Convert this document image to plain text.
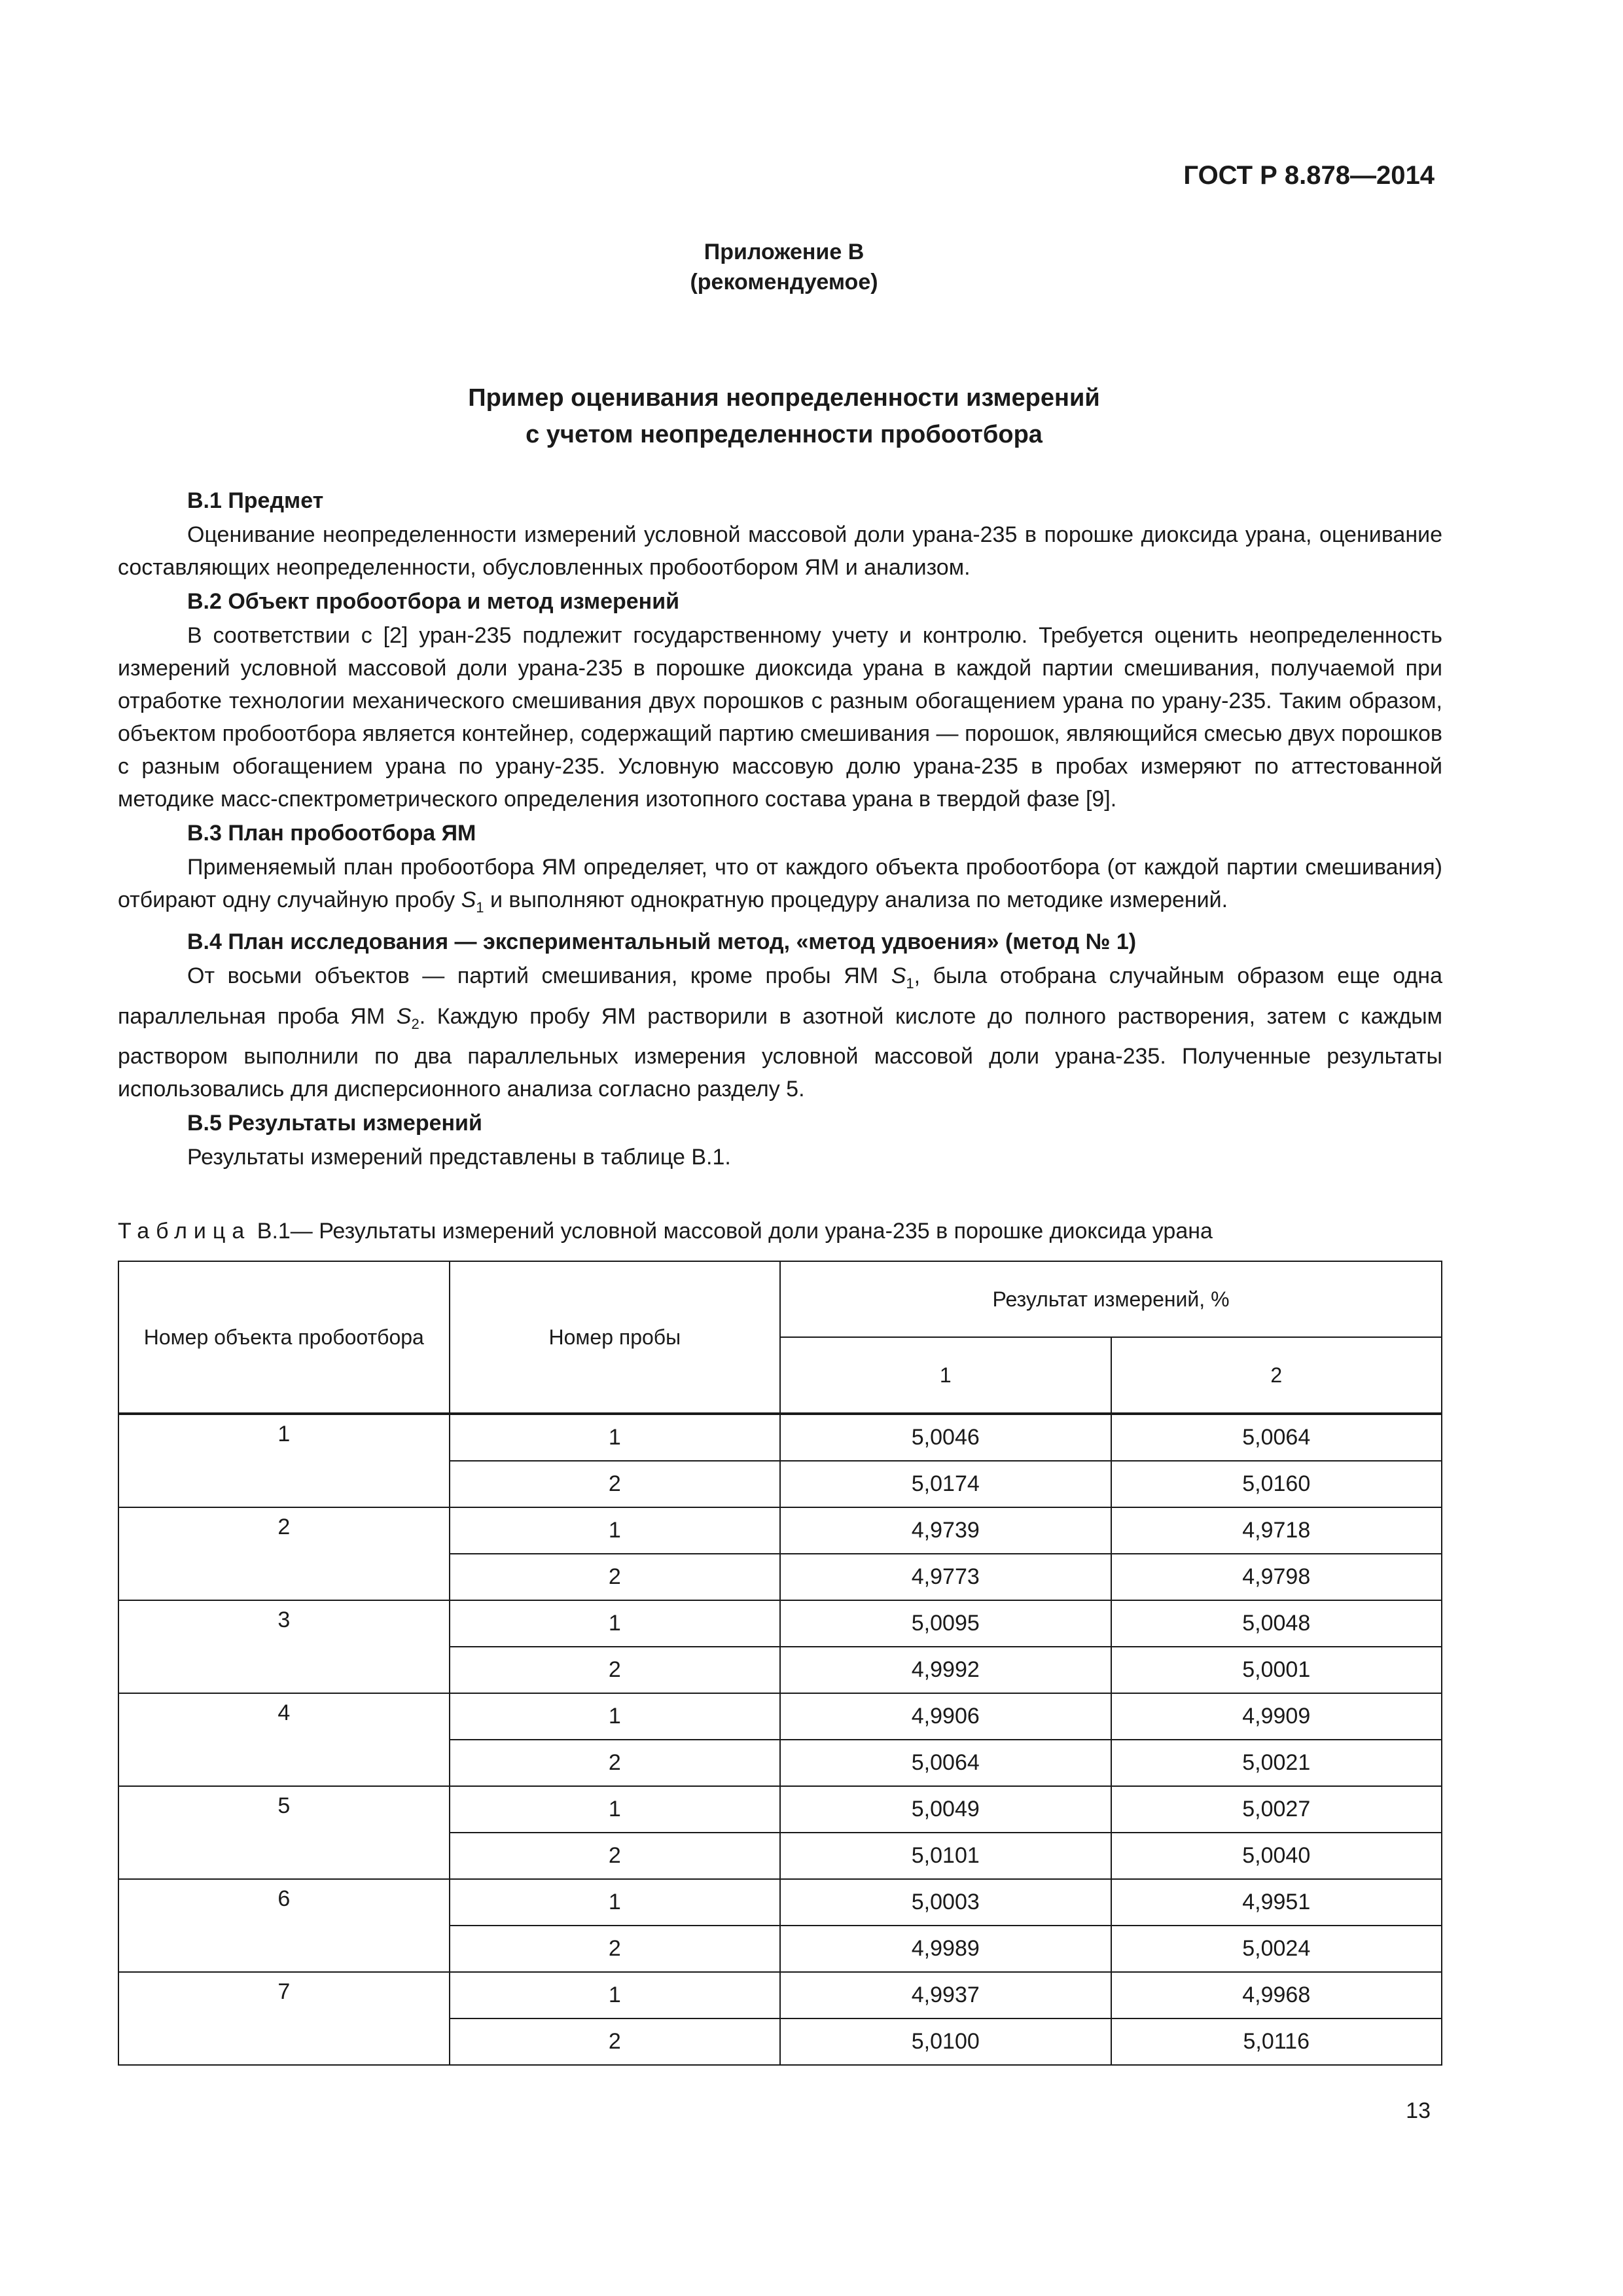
ГОСТ Р 8.878—2014
Приложение В
(рекомендуемое)
Пример оценивания неопределенности измерений
с учетом неопределенности пробоотбора
В.1 Предмет

Оценивание неопределенности измерений условной массовой доли урана-235 в порошке диоксида урана, оценивание составляющих неопределенности, обусловленных пробоотбором ЯМ и анализом.

В.2 Объект пробоотбора и метод измерений

В соответствии с [2] уран-235 подлежит государственному учету и контролю. Требуется оценить неопределенность измерений условной массовой доли урана-235 в порошке диоксида урана в каждой партии смешивания, получаемой при отработке технологии механического смешивания двух порошков с разным обогащением урана по урану-235. Таким образом, объектом пробоотбора является контейнер, содержащий партию смешивания — порошок, являющийся смесью двух порошков с разным обогащением урана по урану-235. Условную массовую долю урана-235 в пробах измеряют по аттестованной методике масс-спектрометрического определения изотопного состава урана в твердой фазе [9].

В.3 План пробоотбора ЯМ

Применяемый план пробоотбора ЯМ определяет, что от каждого объекта пробоотбора (от каждой партии смешивания) отбирают одну случайную пробу $S_1$ и выполняют однократную процедуру анализа по методике измерений.

В.4 План исследования — экспериментальный метод, «метод удвоения» (метод № 1)

От восьми объектов — партий смешивания, кроме пробы ЯМ $S_1$, была отобрана случайным образом еще одна параллельная проба ЯМ $S_2$. Каждую пробу ЯМ растворили в азотной кислоте до полного растворения, затем с каждым раствором выполнили по два параллельных измерения условной массовой доли урана-235. Полученные результаты использовались для дисперсионного анализа согласно разделу 5.

В.5 Результаты измерений

Результаты измерений представлены в таблице В.1.

Таблица В.1— Результаты измерений условной массовой доли урана-235 в порошке диоксида урана
Номер объекта пробоотбора	Номер пробы	Результат измерений, %	
		1	2
1	1	5,0046	5,0064
	2	5,0174	5,0160
2	1	4,9739	4,9718
	2	4,9773	4,9798
3	1	5,0095	5,0048
	2	4,9992	5,0001
4	1	4,9906	4,9909
	2	5,0064	5,0021
5	1	5,0049	5,0027
	2	5,0101	5,0040
6	1	5,0003	4,9951
	2	4,9989	5,0024
7	1	4,9937	4,9968
	2	5,0100	5,0116
13
